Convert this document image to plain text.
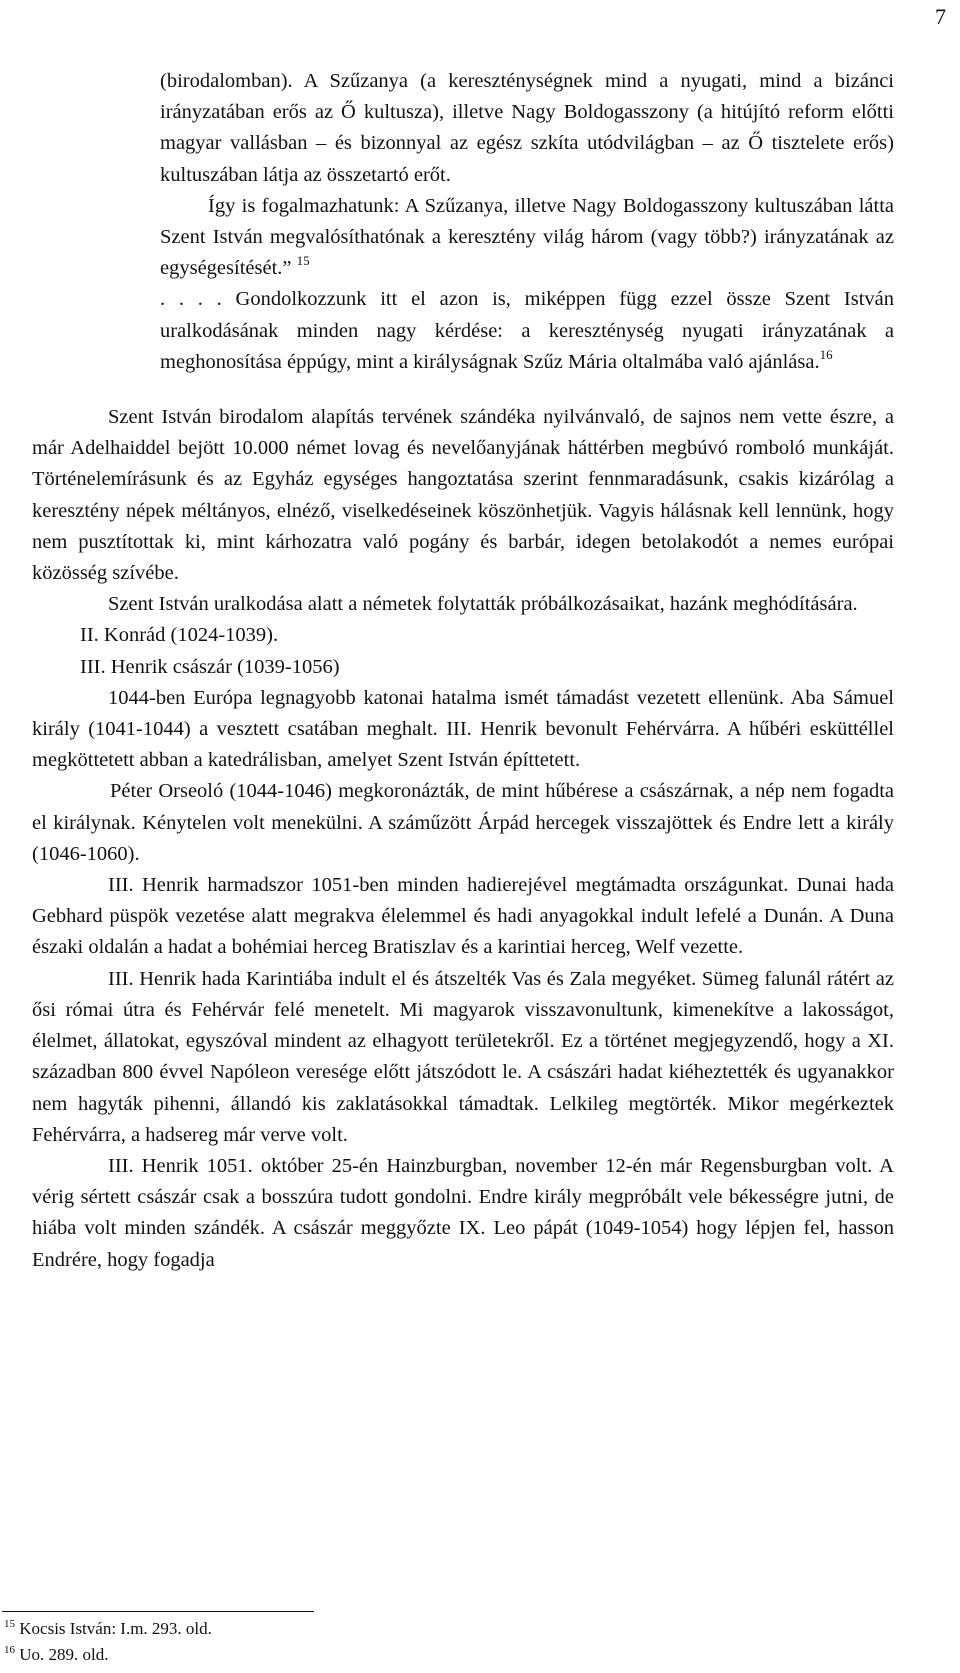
7

(birodalomban). A Szűzanya (a kereszténységnek mind a nyugati, mind a bizánci irányzatában erős az Ő kultusza), illetve Nagy Boldogasszony (a hitújító reform előtti magyar vallásban – és bizonnyal az egész szkíta utódvilágban – az Ő tisztelete erős) kultuszában látja az összetartó erőt.

Így is fogalmazhatunk: A Szűzanya, illetve Nagy Boldogasszony kultuszában látta Szent István megvalósíthatónak a keresztény világ három (vagy több?) irányzatának az egységesítését.” $^{15}$

. . . . Gondolkozzunk itt el azon is, miképpen függ ezzel össze Szent István uralkodásának minden nagy kérdése: a kereszténység nyugati irányzatának a meghonosítása éppúgy, mint a királyságnak Szűz Mária oltalmába való ajánlása.$^{16}$

Szent István birodalom alapítás tervének szándéka nyilvánvaló, de sajnos nem vette észre, a már Adelhaiddel bejött 10.000 német lovag és nevelőanyjának háttérben megbúvó romboló munkáját. Történelemírásunk és az Egyház egységes hangoztatása szerint fennmaradásunk, csakis kizárólag a keresztény népek méltányos, elnéző, viselkedéseinek köszönhetjük. Vagyis hálásnak kell lennünk, hogy nem pusztítottak ki, mint kárhozatra való pogány és barbár, idegen betolakodót a nemes európai közösség szívébe.

Szent István uralkodása alatt a németek folytatták próbálkozásaikat, hazánk meghódítására.

II. Konrád (1024-1039).

III. Henrik császár (1039-1056)

1044-ben Európa legnagyobb katonai hatalma ismét támadást vezetett ellenünk. Aba Sámuel király (1041-1044) a vesztett csatában meghalt. III. Henrik bevonult Fehérvárra. A hűbéri esküttéllel megköttetett abban a katedrálisban, amelyet Szent István építtetett.

Péter Orseoló (1044-1046) megkoronázták, de mint hűbérese a császárnak, a nép nem fogadta el királynak. Kénytelen volt menekülni. A száműzött Árpád hercegek visszajöttek és Endre lett a király (1046-1060).

III. Henrik harmadszor 1051-ben minden hadierejével megtámadta országunkat. Dunai hada Gebhard püspök vezetése alatt megrakva élelemmel és hadi anyagokkal indult lefelé a Dunán. A Duna északi oldalán a hadat a bohémiai herceg Bratiszlav és a karintiai herceg, Welf vezette.

III. Henrik hada Karintiába indult el és átszelték Vas és Zala megyéket. Sümeg falunál rátért az ősi római útra és Fehérvár felé menetelt. Mi magyarok visszavonultunk, kimenekítve a lakosságot, élelmet, állatokat, egyszóval mindent az elhagyott területekről. Ez a történet megjegyzendő, hogy a XI. században 800 évvel Napóleon veresége előtt játszódott le. A császári hadat kiéheztették és ugyanakkor nem hagyták pihenni, állandó kis zaklatásokkal támadtak. Lelkileg megtörték. Mikor megérkeztek Fehérvárra, a hadsereg már verve volt.

III. Henrik 1051. október 25-én Hainzburgban, november 12-én már Regensburgban volt. A vérig sértett császár csak a bosszúra tudott gondolni. Endre király megpróbált vele békességre jutni, de hiába volt minden szándék. A császár meggyőzte IX. Leo pápát (1049-1054) hogy lépjen fel, hasson Endrére, hogy fogadja

$^{15}$ Kocsis István: I.m. 293. old.

$^{16}$ Uo. 289. old.
